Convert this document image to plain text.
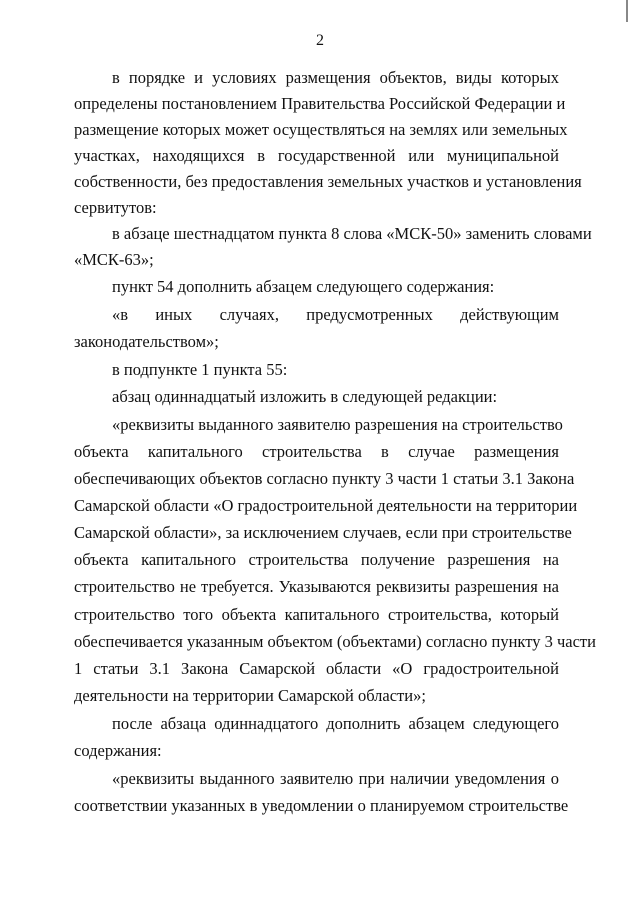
2
в порядке и условиях размещения объектов, виды которых
определены постановлением Правительства Российской Федерации и
размещение которых может осуществляться на землях или земельных
участках, находящихся в государственной или муниципальной
собственности, без предоставления земельных участков и установления
сервитутов:
в абзаце шестнадцатом пункта 8 слова «МСК-50» заменить словами
«МСК-63»;
пункт 54 дополнить абзацем следующего содержания:
«в иных случаях, предусмотренных действующим
законодательством»;
в подпункте 1 пункта 55:
абзац одиннадцатый изложить в следующей редакции:
«реквизиты выданного заявителю разрешения на строительство
объекта капитального строительства в случае размещения
обеспечивающих объектов согласно пункту 3 части 1 статьи 3.1 Закона
Самарской области «О градостроительной деятельности на территории
Самарской области», за исключением случаев, если при строительстве
объекта капитального строительства получение разрешения на
строительство не требуется. Указываются реквизиты разрешения на
строительство того объекта капитального строительства, который
обеспечивается указанным объектом (объектами) согласно пункту 3 части
1 статьи 3.1 Закона Самарской области «О градостроительной
деятельности на территории Самарской области»;
после абзаца одиннадцатого дополнить абзацем следующего
содержания:
«реквизиты выданного заявителю при наличии уведомления о
соответствии указанных в уведомлении о планируемом строительстве
